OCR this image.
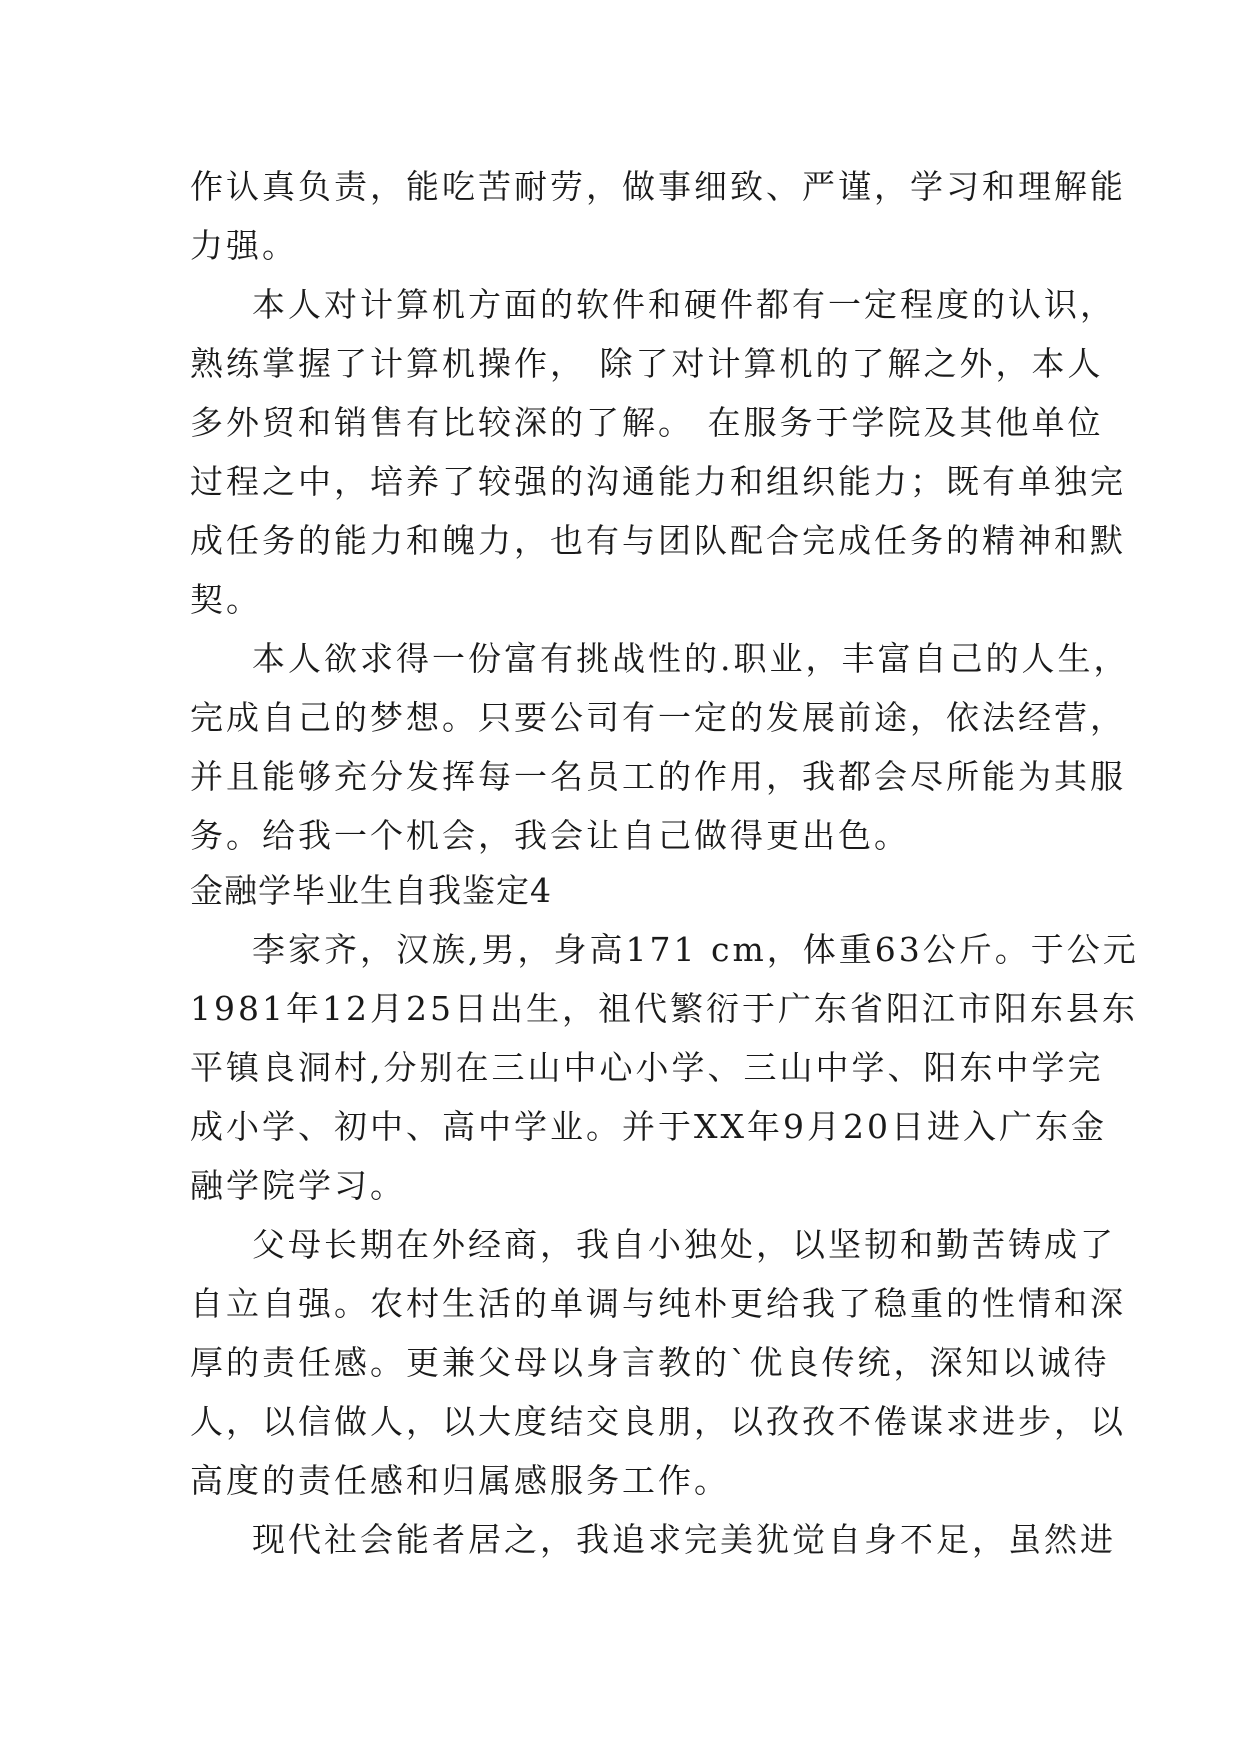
作认真负责，能吃苦耐劳，做事细致、严谨，学习和理解能
力强。
本人对计算机方面的软件和硬件都有一定程度的认识，
熟练掌握了计算机操作， 除了对计算机的了解之外，本人
多外贸和销售有比较深的了解。 在服务于学院及其他单位
过程之中，培养了较强的沟通能力和组织能力；既有单独完
成任务的能力和魄力，也有与团队配合完成任务的精神和默
契。
本人欲求得一份富有挑战性的.职业，丰富自己的人生，
完成自己的梦想。只要公司有一定的发展前途，依法经营，
并且能够充分发挥每一名员工的作用，我都会尽所能为其服
务。给我一个机会，我会让自己做得更出色。
金融学毕业生自我鉴定4
李家齐，汉族,男，身高171 cm，体重63公斤。于公元
1981年12月25日出生，祖代繁衍于广东省阳江市阳东县东
平镇良洞村,分别在三山中心小学、三山中学、阳东中学完
成小学、初中、高中学业。并于XX年9月20日进入广东金
融学院学习。
父母长期在外经商，我自小独处，以坚韧和勤苦铸成了
自立自强。农村生活的单调与纯朴更给我了稳重的性情和深
厚的责任感。更兼父母以身言教的`优良传统，深知以诚待
人，以信做人，以大度结交良朋，以孜孜不倦谋求进步，以
高度的责任感和归属感服务工作。
现代社会能者居之，我追求完美犹觉自身不足，虽然进
